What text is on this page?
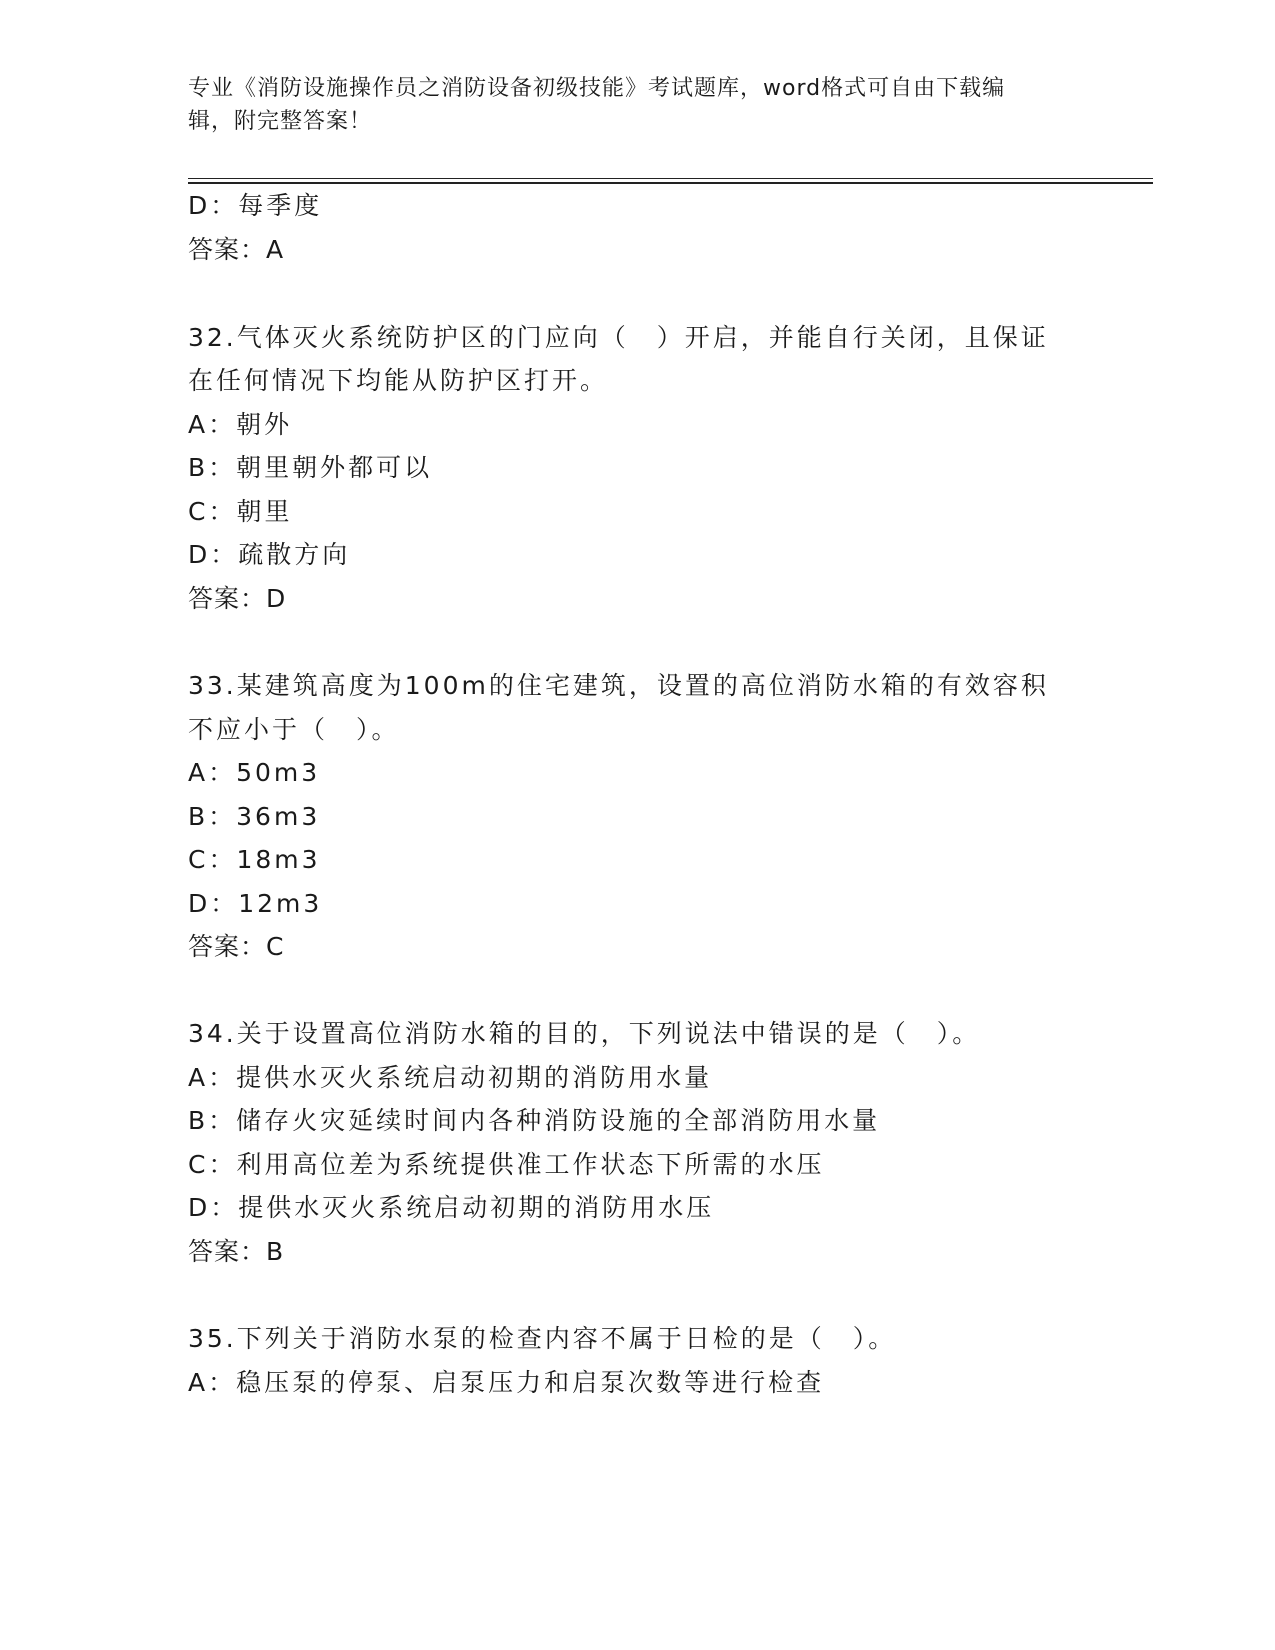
专业《消防设施操作员之消防设备初级技能》考试题库，word格式可自由下载编
辑，附完整答案！
D：每季度
答案：A
32.气体灭火系统防护区的门应向（　）开启，并能自行关闭，且保证
在任何情况下均能从防护区打开。
A：朝外
B：朝里朝外都可以
C：朝里
D：疏散方向
答案：D
33.某建筑高度为100m的住宅建筑，设置的高位消防水箱的有效容积
不应小于（　）。
A：50m3
B：36m3
C：18m3
D：12m3
答案：C
34.关于设置高位消防水箱的目的，下列说法中错误的是（　）。
A：提供水灭火系统启动初期的消防用水量
B：储存火灾延续时间内各种消防设施的全部消防用水量
C：利用高位差为系统提供准工作状态下所需的水压
D：提供水灭火系统启动初期的消防用水压
答案：B
35.下列关于消防水泵的检查内容不属于日检的是（　）。
A：稳压泵的停泵、启泵压力和启泵次数等进行检查
